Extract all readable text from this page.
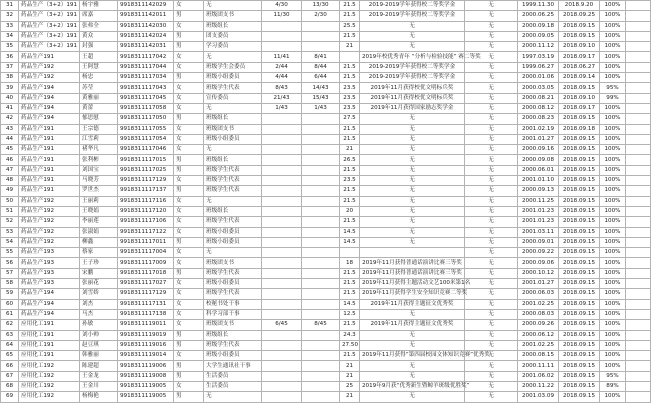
31	药品生产（3+2）191	杨宇雅	9918311142029	女	无	4/30	13/30	21.5	2019-2019学年获得校二等奖学金	无	1999.11.30	2018.9.20	100%	
32	药品生产（3+2）191	席嘉	9918311142011	男	班级团支书	11/30	2/30	21.5	2019-2019学年获得校二等奖学金	无	2000.06.25	2018.09.25	100%	
33	药品生产（3+2）191	张弗全	9918311142030	女	班级组长			25.5	无	无	2000.09.18	2018.09.15	100%	
34	药品生产（3+2）191	黄众	9918311142024	男	团支委员			21.5	无	无	2000.09.05	2018.09.15	100%	
35	药品生产（3+2）191	封强	9918311142031	男	学习委员			21	无	无	2000.11.12	2018.09.10	100%	
36	药品生产191	王超	9918311117042	女	无	11/41	8/41		2019年校优秀青年 “分析与检验技能” 赛二等奖	无	1997.03.19	2018.09.17	100%	
37	药品生产192	王阿慧	9918311117044	女	班级学生会委员	2/44	8/44	21.5	2019-2019学年获得校二等奖学金	无	1999.06.27	2018.06.27	100%	
38	药品生产192	杨忠	9918311117034	男	班级小组委员	4/44	6/44	21.5	2019-2019学年获得校二等奖学金	无	2000.01.06	2018.09.14	100%	
39	药品生产194	苏莹	9918311117043	女	班级学生代表	8/43	14/43	23.5	2019年11月获得校优文明标兵奖	无	2000.03.05	2018.09.15	95%	
40	药品生产194	黄雅丽	9918311117045	女	宣传委员	21/43	15/43	23.5	2019年11月获得校优文明标兵奖	无	2000.08.21	2018.09.10	99%	
41	药品生产194	黄蕾	9918311117058	女	无	1/43	1/43	23.5	2019年11月获得国家励志奖学金	无	2000.08.12	2018.09.17	100%	
42	药品生产194	郁思慰	9918311117050	男	班级组长			27.5	无	无	2000.08.23	2018.09.15	100%	
43	药品生产191	王宗德	9918311117055	女	班级团支书			21.5	无	无	2001.02.19	2018.09.18	100%	
44	药品生产191	江雪莉	9918311117054	女	班级小组委员			21.5	无	无	2001.01.27	2018.09.15	100%	
45	药品生产191	褚华凡	9918311117046	女	无			21	无	无	2000.09.16	2018.09.15	100%	
46	药品生产191	张利彬	9918311117015	男	班级组长			26.5	无	无	2000.09.08	2018.09.15	100%	
47	药品生产191	刘国宝	9918311117025	男	班级学生代表			21.5	无	无	2000.06.01	2018.09.15	100%	
48	药品生产191	马晓芳	9918311117129	女	班级学生代表			23.5	无	无	2001.01.10	2018.09.15	100%	
49	药品生产191	罗世杰	9918311117137	男	班级学生代表			21.5	无	无	2000.09.13	2018.09.15	100%	
50	药品生产192	王丽莉	9918311117116	女	无			21.5	无	无	2000.11.25	2018.09.15	100%	
51	药品生产192	王晓娟	9918311117120	女	班级组长			20	无	无	2001.01.23	2018.09.15	100%	
52	药品生产192	李丽莲	9918311117106	女	班级学生代表			21.5	无	无	2001.01.23	2018.09.15	100%	
53	药品生产192	张淑娟	9918311117122	女	班级小组委员			14.5	无	无	2001.03.11	2018.09.15	100%	
54	药品生产192	柳鑫	9918311117011	男	班级小组委员			14.5	无	无	2000.09.01	2018.09.15	100%	
55	药品生产193	蔡家	9918311117004	女	无					无	2000.09.22	2018.09.15	100%	
56	药品生产193	王子珍	9918311117009	女	班级团支书			18	2019年11月获得普通话演讲比赛三等奖	无	2000.09.06	2018.09.15	100%	
57	药品生产193	宋鹏	9918311117018	男	班级学生代表			21.5	2019年11月获得普通话演讲比赛三等奖	无	2000.10.12	2018.09.15	100%	
58	药品生产193	张丽花	9918311117027	女	班级小组委员			21.5	2019年11月获得主题活动文艺100米第1名	无	2001.01.27	2018.09.15	100%	
59	药品生产194	刘雪娇	9918311117129	女	班级学生代表			21.5	2019年11月获得学生安全知识竞赛二等奖	无	2000.06.03	2018.09.15	100%	
60	药品生产194	刘杰	9918311117131	女	校秘书处干事			14.5	2019年11月获得主题征文优秀奖	无	2001.02.25	2018.09.15	100%	
61	药品生产194	马杰	9918311117138	女	科学习部干事			12.5	无	无	2000.08.03	2018.09.15	100%	
62	应用化工191	孙敏	9918311119011	女	班级团支书	6/45	8/45	21.5	2019年11月获得主题征文优秀奖	无	2000.09.26	2018.09.15	100%	
63	应用化工191	刘小帅	9918311119019	男	班级组长			24.3	无	无	2000.06.12	2018.09.15	100%	
64	应用化工191	赵豆琪	9918311119016	男	班级学生代表			27.50	无	无	2001.02.25	2018.09.15	100%	
65	应用化工191	韩雅丽	9918311119014	女	班级小组委员			21.5	2019年11月获得“第四届校园文体知识竞赛”优秀奖	无	2000.08.15	2018.09.15	100%	
66	应用化工192	陈建超	9918311119006	男	大学生通讯社干事			21	无	无	2000.11.11	2018.09.15	100%	
67	应用化工192	王金龙	9918311119008	男	生活委员			21	无	无	2001.06.02	2018.09.15	95%	
68	应用化工192	王金川	9918311119005	女	生活委员			25	2019年9月获“优秀新生暨鲸羊斑级优胜奖”	无	2000.11.22	2018.09.15	89%	
69	应用化工192	杨梅艳	9918311119005	男	无			21	无	无	2001.03.09	2018.09.15	100%	
